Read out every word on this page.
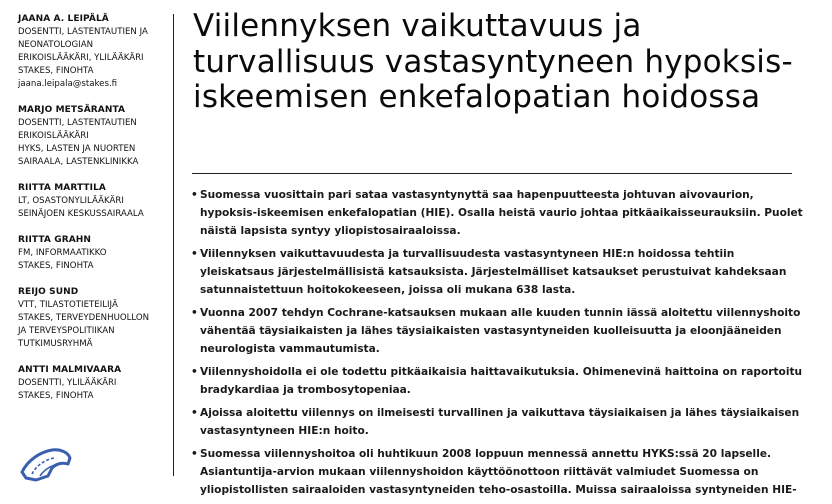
JAANA A. LEIPÄLÄ
DOSENTTI, LASTENTAUTIEN JA
NEONATOLOGIAN
ERIKOISLÄÄKÄRI, YLILÄÄKÄRI
STAKES, FINOHTA
jaana.leipala@stakes.fi
MARJO METSÄRANTA
DOSENTTI, LASTENTAUTIEN
ERIKOISLÄÄKÄRI
HYKS, LASTEN JA NUORTEN
SAIRAALA, LASTENKLINIKKA
RIITTA MARTTILA
LT, OSASTONYLILÄÄKÄRI
SEINÄJOEN KESKUSSAIRAALA
RIITTA GRAHN
FM, INFORMAATIKKO
STAKES, FINOHTA
REIJO SUND
VTT, TILASTOTIETEILIJÄ
STAKES, TERVEYDENHUOLLON
JA TERVEYSPOLITIIKAN
TUTKIMUSRYHMÄ
ANTTI MALMIVAARA
DOSENTTI, YLILÄÄKÄRI
STAKES, FINOHTA
Viilennyksen vaikuttavuus ja turvallisuus vastasyntyneen hypoksis-iskeemisen enkefalopatian hoidossa
• Suomessa vuosittain pari sataa vastasyntynyttä saa hapenpuutteesta johtuvan aivovaurion, hypoksis-iskeemisen enkefalopatian (HIE). Osalla heistä vaurio johtaa pitkäaikaisseurauksiin. Puolet näistä lapsista syntyy yliopistosairaaloissa.
• Viilennyksen vaikuttavuudesta ja turvallisuudesta vastasyntyneen HIE:n hoidossa tehtiin yleiskatsaus järjestelmällisistä katsauksista. Järjestelmälliset katsaukset perustuivat kahdeksaan satunnaistettuun hoitokokeeseen, joissa oli mukana 638 lasta.
• Vuonna 2007 tehdyn Cochrane-katsauksen mukaan alle kuuden tunnin iässä aloitettu viilennyshoito vähentää täysiaikaisten ja lähes täysiaikaisten vastasyntyneiden kuolleisuutta ja eloonjääneiden neurologista vammautumista.
• Viilennyshoidolla ei ole todettu pitkäaikaisia haittavaikutuksia. Ohimenevinä haittoina on raportoitu bradykardiaa ja trombosytopeniaa.
• Ajoissa aloitettu viilennys on ilmeisesti turvallinen ja vaikuttava täysiaikaisen ja lähes täysiaikaisen vastasyntyneen HIE:n hoito.
• Suomessa viilennyshoitoa oli huhtikuun 2008 loppuun mennessä annettu HYKS:ssä 20 lapselle. Asiantuntija-arvion mukaan viilennyshoidon käyttöönottoon riittävät valmiudet Suomessa on yliopistollisten sairaaloiden vastasyntyneiden teho-osastoilla. Muissa sairaaloissa syntyneiden HIE-
